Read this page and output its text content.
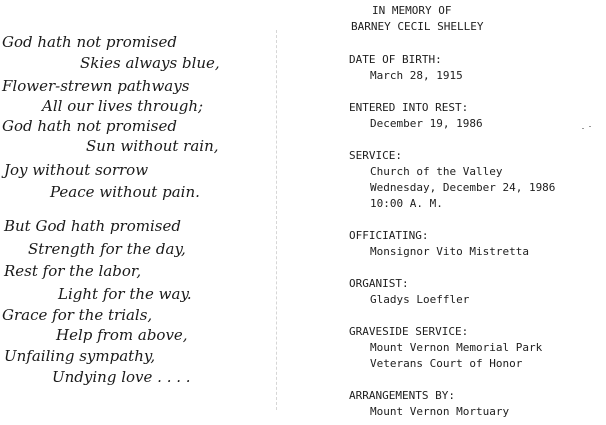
God hath not promised
Skies always blue,
Flower-strewn pathways
All our lives through;
God hath not promised
Sun without rain,
Joy without sorrow
Peace without pain.
But God hath promised
Strength for the day,
Rest for the labor,
Light for the way.
Grace for the trials,
Help from above,
Unfailing sympathy,
Undying love . . . .
IN MEMORY OF
BARNEY CECIL SHELLEY
DATE OF BIRTH:
March 28, 1915
ENTERED INTO REST:
December 19, 1986
SERVICE:
Church of the Valley
Wednesday, December 24, 1986
10:00 A. M.
OFFICIATING:
Monsignor Vito Mistretta
ORGANIST:
Gladys Loeffler
GRAVESIDE SERVICE:
Mount Vernon Memorial Park
Veterans Court of Honor
ARRANGEMENTS BY:
Mount Vernon Mortuary
